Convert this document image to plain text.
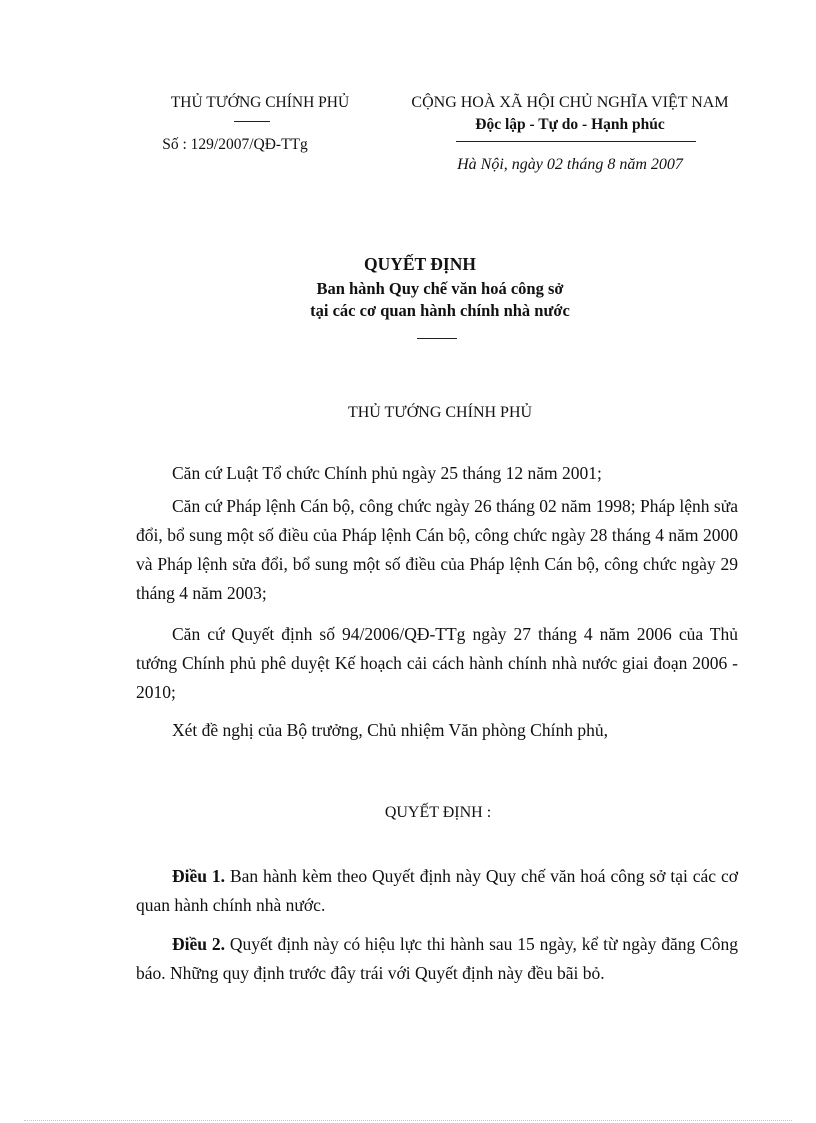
THỦ TƯỚNG CHÍNH PHỦ
Số : 129/2007/QĐ-TTg
CỘNG HOÀ XÃ HỘI CHỦ NGHĨA VIỆT NAM
Độc lập - Tự do - Hạnh phúc
Hà Nội, ngày 02 tháng 8 năm 2007
QUYẾT ĐỊNH
Ban hành Quy chế văn hoá công sở
tại các cơ quan hành chính nhà nước
THỦ TƯỚNG CHÍNH PHỦ
Căn cứ Luật Tổ chức Chính phủ ngày 25 tháng 12 năm 2001;
Căn cứ Pháp lệnh Cán bộ, công chức ngày 26 tháng 02 năm 1998; Pháp lệnh sửa đổi, bổ sung một số điều của Pháp lệnh Cán bộ, công chức ngày 28 tháng 4 năm 2000 và Pháp lệnh sửa đổi, bổ sung một số điều của Pháp lệnh Cán bộ, công chức ngày 29 tháng 4 năm 2003;
Căn cứ Quyết định số 94/2006/QĐ-TTg ngày 27 tháng 4 năm 2006 của Thủ tướng Chính phủ phê duyệt Kế hoạch cải cách hành chính nhà nước giai đoạn 2006 - 2010;
Xét đề nghị của Bộ trưởng, Chủ nhiệm Văn phòng Chính phủ,
QUYẾT ĐỊNH :
Điều 1. Ban hành kèm theo Quyết định này Quy chế văn hoá công sở tại các cơ quan hành chính nhà nước.
Điều 2. Quyết định này có hiệu lực thi hành sau 15 ngày, kể từ ngày đăng Công báo. Những quy định trước đây trái với Quyết định này đều bãi bỏ.
